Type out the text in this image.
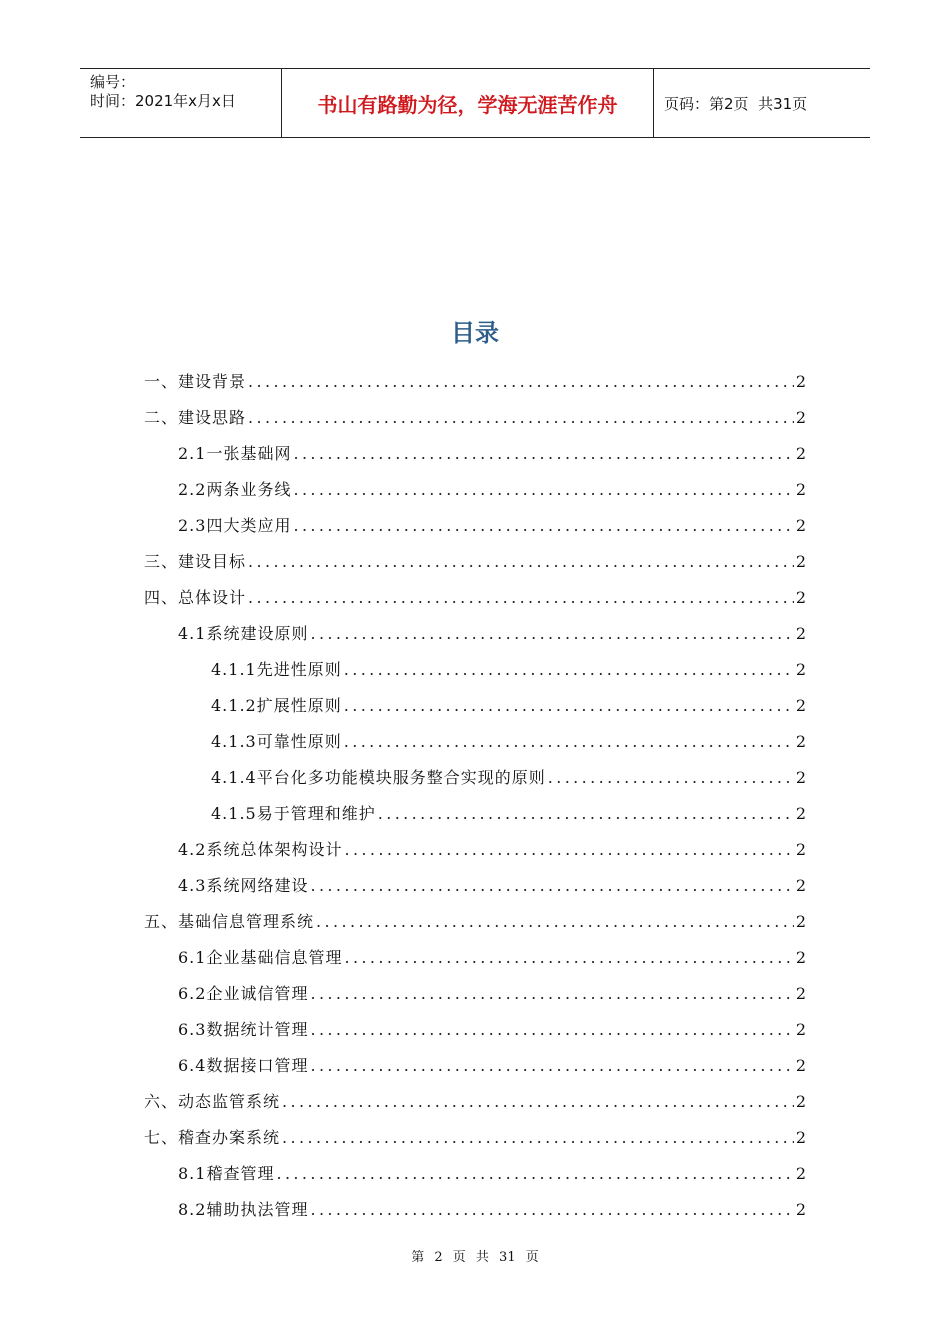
编号：
时间：2021年x月x日	书山有路勤为径，学海无涯苦作舟	页码：第2页  共31页
目录
一、建设背景 .....	2
二、建设思路 .....	2
2.1一张基础网 .....	2
2.2两条业务线 .....	2
2.3四大类应用 .....	2
三、建设目标 .....	2
四、总体设计 .....	2
4.1系统建设原则 .....	2
4.1.1先进性原则 .....	2
4.1.2扩展性原则 .....	2
4.1.3可靠性原则 .....	2
4.1.4平台化多功能模块服务整合实现的原则 .....	2
4.1.5易于管理和维护 .....	2
4.2系统总体架构设计 .....	2
4.3系统网络建设 .....	2
五、基础信息管理系统 .....	2
6.1企业基础信息管理 .....	2
6.2企业诚信管理 .....	2
6.3数据统计管理 .....	2
6.4数据接口管理 .....	2
六、动态监管系统 .....	2
七、稽查办案系统 .....	2
8.1稽查管理 .....	2
8.2辅助执法管理 .....	2
第 2 页 共 31 页
